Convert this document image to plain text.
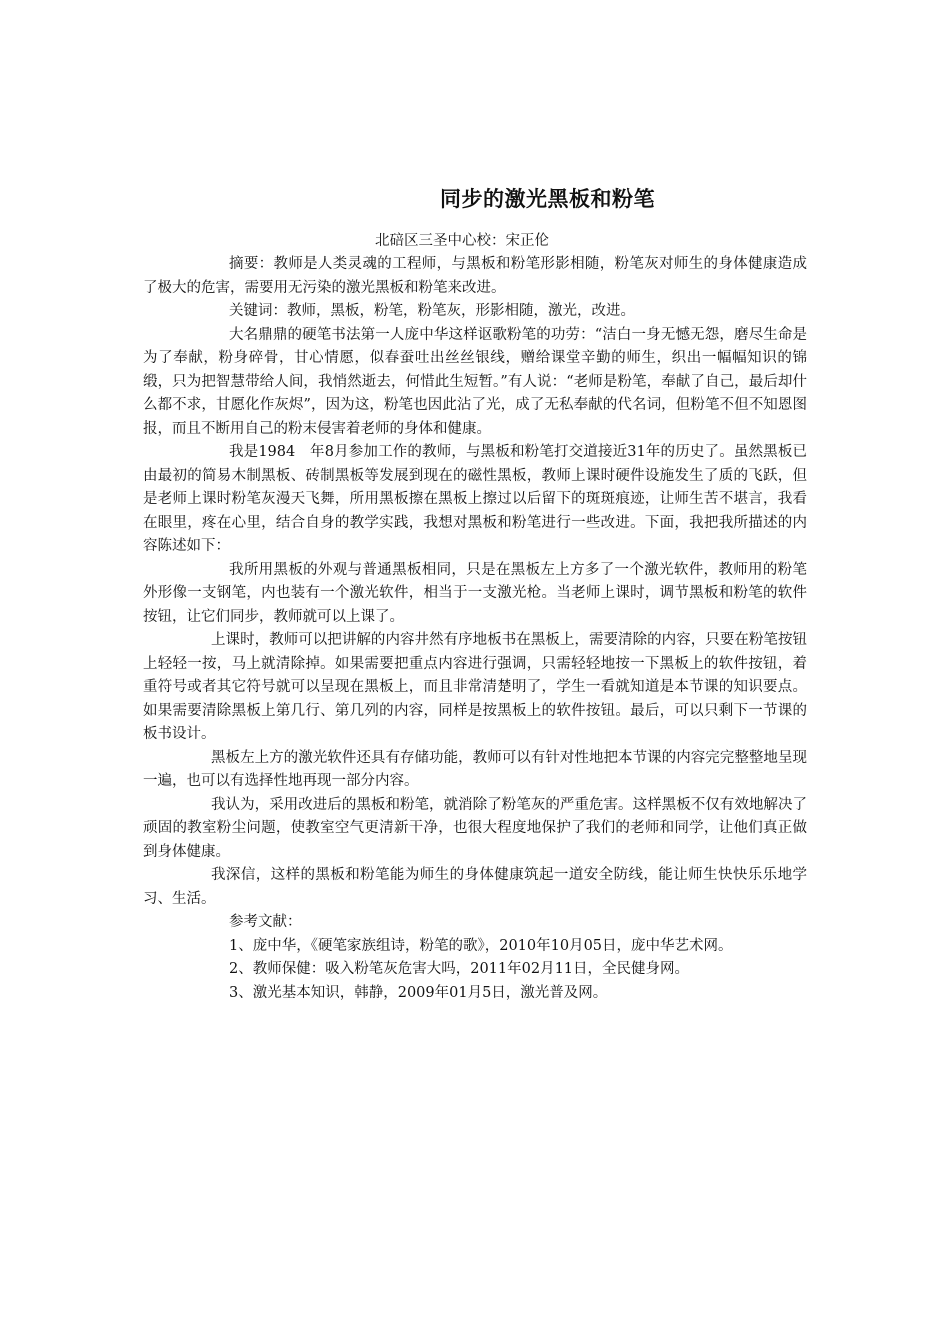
同步的激光黑板和粉笔
北碚区三圣中心校：宋正伦

摘要：教师是人类灵魂的工程师，与黑板和粉笔形影相随，粉笔灰对师生的身体健康造成了极大的危害，需要用无污染的激光黑板和粉笔来改进。

关键词：教师，黑板，粉笔，粉笔灰，形影相随，激光，改进。

大名鼎鼎的硬笔书法第一人庞中华这样讴歌粉笔的功劳：“洁白一身无憾无怨，磨尽生命是为了奉献，粉身碎骨，甘心情愿，似春蚕吐出丝丝银线，赠给课堂辛勤的师生，织出一幅幅知识的锦缎，只为把智慧带给人间，我悄然逝去，何惜此生短暂。”有人说：“老师是粉笔，奉献了自己，最后却什么都不求，甘愿化作灰烬”，因为这，粉笔也因此沾了光，成了无私奉献的代名词，但粉笔不但不知恩图报，而且不断用自己的粉末侵害着老师的身体和健康。

我是1984　年8月参加工作的教师，与黑板和粉笔打交道接近31年的历史了。虽然黑板已由最初的简易木制黑板、砖制黑板等发展到现在的磁性黑板，教师上课时硬件设施发生了质的飞跃，但是老师上课时粉笔灰漫天飞舞，所用黑板擦在黑板上擦过以后留下的斑斑痕迹，让师生苦不堪言，我看在眼里，疼在心里，结合自身的教学实践，我想对黑板和粉笔进行一些改进。下面，我把我所描述的内容陈述如下：

我所用黑板的外观与普通黑板相同，只是在黑板左上方多了一个激光软件，教师用的粉笔外形像一支钢笔，内也装有一个激光软件，相当于一支激光枪。当老师上课时，调节黑板和粉笔的软件按钮，让它们同步，教师就可以上课了。

上课时，教师可以把讲解的内容井然有序地板书在黑板上，需要清除的内容，只要在粉笔按钮上轻轻一按，马上就清除掉。如果需要把重点内容进行强调，只需轻轻地按一下黑板上的软件按钮，着重符号或者其它符号就可以呈现在黑板上，而且非常清楚明了，学生一看就知道是本节课的知识要点。如果需要清除黑板上第几行、第几列的内容，同样是按黑板上的软件按钮。最后，可以只剩下一节课的板书设计。

黑板左上方的激光软件还具有存储功能，教师可以有针对性地把本节课的内容完完整整地呈现一遍，也可以有选择性地再现一部分内容。

我认为，采用改进后的黑板和粉笔，就消除了粉笔灰的严重危害。这样黑板不仅有效地解决了顽固的教室粉尘问题，使教室空气更清新干净，也很大程度地保护了我们的老师和同学，让他们真正做到身体健康。

我深信，这样的黑板和粉笔能为师生的身体健康筑起一道安全防线，能让师生快快乐乐地学习、生活。

参考文献：

1、庞中华，《硬笔家族组诗，粉笔的歌》，2010年10月05日，庞中华艺术网。

2、教师保健：吸入粉笔灰危害大吗，2011年02月11日，全民健身网。

3、激光基本知识，韩静，2009年01月5日，激光普及网。
